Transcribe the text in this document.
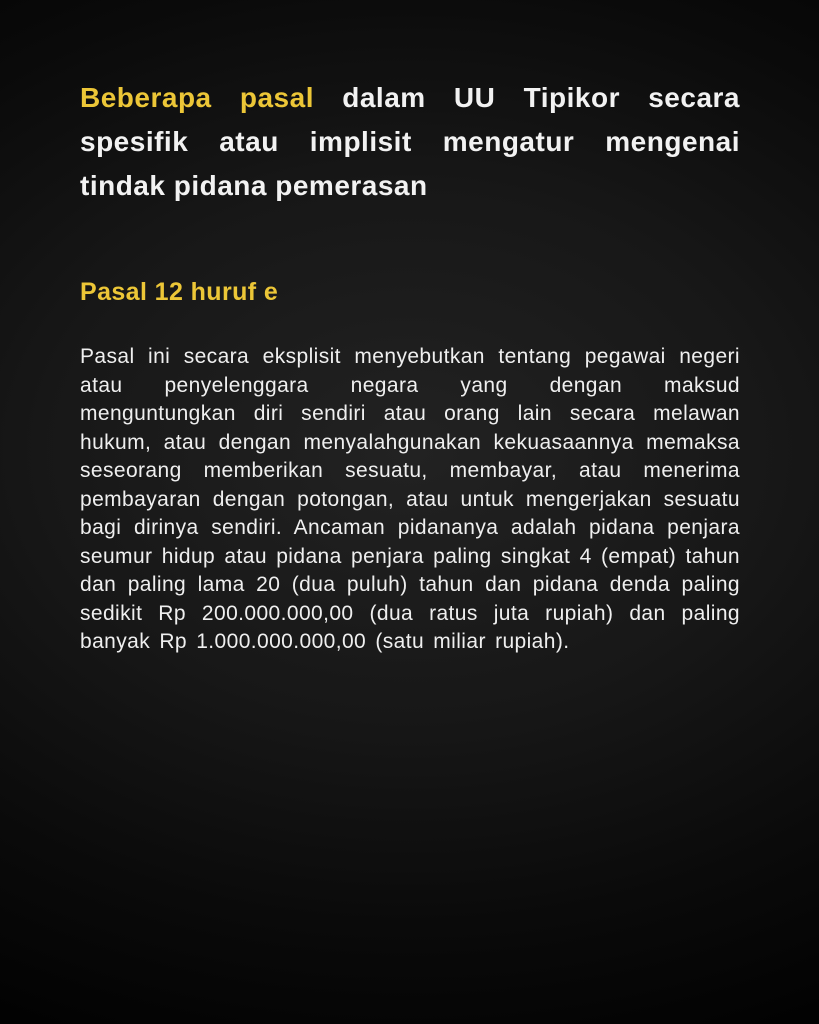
Beberapa pasal dalam UU Tipikor secara spesifik atau implisit mengatur mengenai tindak pidana pemerasan
Pasal 12 huruf e

Pasal ini secara eksplisit menyebutkan tentang pegawai negeri atau penyelenggara negara yang dengan maksud menguntungkan diri sendiri atau orang lain secara melawan hukum, atau dengan menyalahgunakan kekuasaannya memaksa seseorang memberikan sesuatu, membayar, atau menerima pembayaran dengan potongan, atau untuk mengerjakan sesuatu bagi dirinya sendiri. Ancaman pidananya adalah pidana penjara seumur hidup atau pidana penjara paling singkat 4 (empat) tahun dan paling lama 20 (dua puluh) tahun dan pidana denda paling sedikit Rp 200.000.000,00 (dua ratus juta rupiah) dan paling banyak Rp 1.000.000.000,00 (satu miliar rupiah).
